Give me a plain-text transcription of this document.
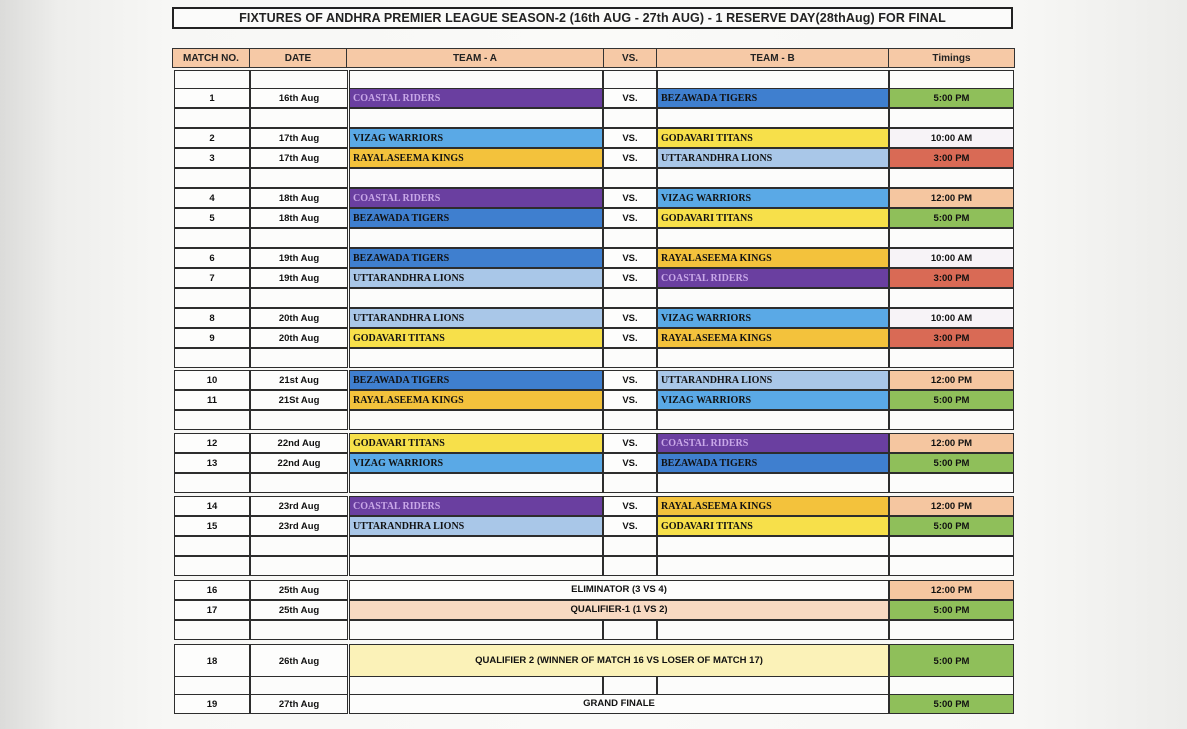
FIXTURES OF ANDHRA PREMIER LEAGUE SEASON-2 (16th AUG - 27th AUG) - 1 RESERVE DAY(28thAug) FOR FINAL
MATCH NO.	DATE	TEAM - A	VS.	TEAM - B	Timings
1	16th Aug	COASTAL RIDERS	VS.	BEZAWADA TIGERS	5:00 PM
2	17th Aug	VIZAG WARRIORS	VS.	GODAVARI TITANS	10:00 AM
3	17th Aug	RAYALASEEMA KINGS	VS.	UTTARANDHRA LIONS	3:00 PM
4	18th Aug	COASTAL RIDERS	VS.	VIZAG WARRIORS	12:00 PM
5	18th Aug	BEZAWADA TIGERS	VS.	GODAVARI TITANS	5:00 PM
6	19th Aug	BEZAWADA TIGERS	VS.	RAYALASEEMA KINGS	10:00 AM
7	19th Aug	UTTARANDHRA LIONS	VS.	COASTAL RIDERS	3:00 PM
8	20th Aug	UTTARANDHRA LIONS	VS.	VIZAG WARRIORS	10:00 AM
9	20th Aug	GODAVARI TITANS	VS.	RAYALASEEMA KINGS	3:00 PM
10	21st Aug	BEZAWADA TIGERS	VS.	UTTARANDHRA LIONS	12:00 PM
11	21St Aug	RAYALASEEMA KINGS	VS.	VIZAG WARRIORS	5:00 PM
12	22nd Aug	GODAVARI TITANS	VS.	COASTAL RIDERS	12:00 PM
13	22nd Aug	VIZAG WARRIORS	VS.	BEZAWADA TIGERS	5:00 PM
14	23rd Aug	COASTAL RIDERS	VS.	RAYALASEEMA KINGS	12:00 PM
15	23rd Aug	UTTARANDHRA LIONS	VS.	GODAVARI TITANS	5:00 PM
16	25th Aug	ELIMINATOR (3 VS 4)	12:00 PM
17	25th Aug	QUALIFIER-1 (1 VS 2)	5:00 PM
18	26th Aug	QUALIFIER 2 (WINNER OF MATCH 16 VS LOSER OF MATCH 17)	5:00 PM
19	27th Aug	GRAND FINALE	5:00 PM
